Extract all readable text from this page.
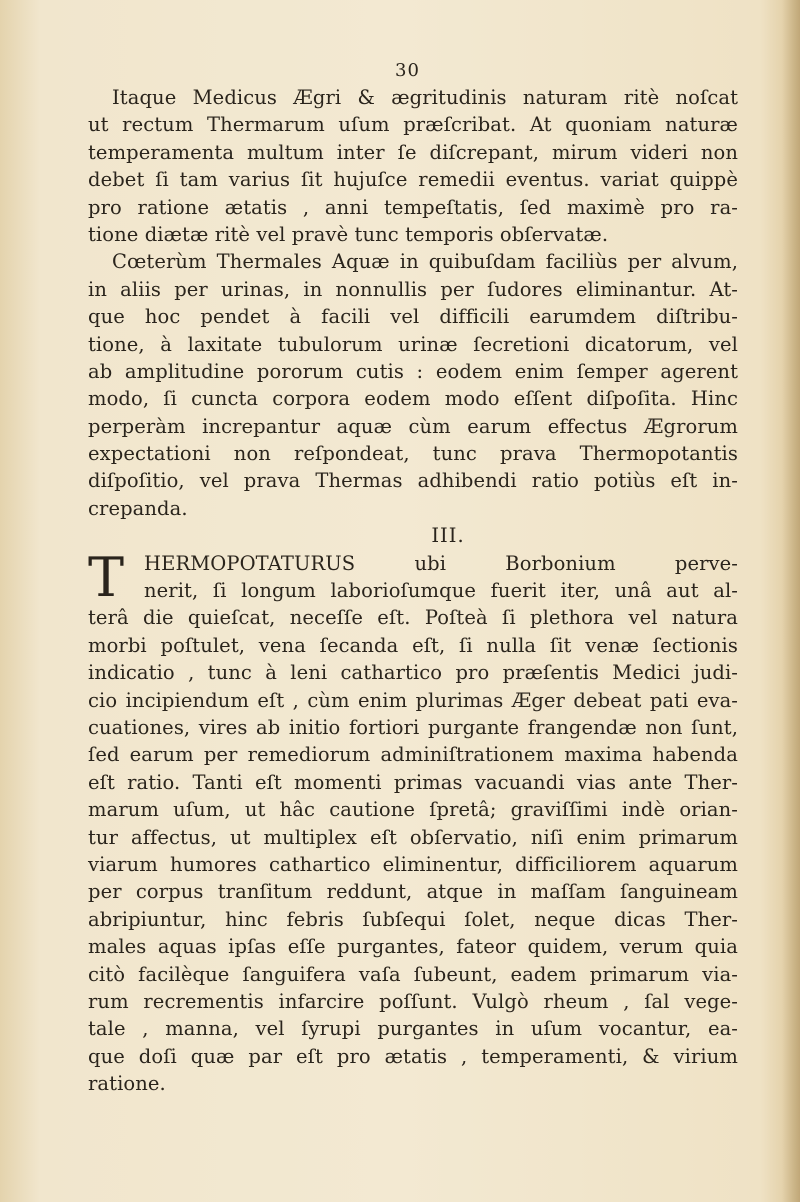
30
Itaque Medicus Ægri & ægritudinis naturam ritè noſcat
ut rectum Thermarum uſum præſcribat. At quoniam naturæ
temperamenta multum inter ſe diſcrepant, mirum videri non
debet ſi tam varius ſit hujuſce remedii eventus. variat quippè
pro ratione ætatis , anni tempeſtatis, ſed maximè pro ra-
tione diætæ ritè vel pravè tunc temporis obſervatæ.
Cœterùm Thermales Aquæ in quibuſdam faciliùs per alvum,
in aliis per urinas, in nonnullis per ſudores eliminantur. At-
que hoc pendet à facili vel difficili earumdem diſtribu-
tione, à laxitate tubulorum urinæ ſecretioni dicatorum, vel
ab amplitudine pororum cutis : eodem enim ſemper agerent
modo, ſi cuncta corpora eodem modo eſſent diſpoſita. Hinc
perperàm increpantur aquæ cùm earum effectus Ægrorum
expectationi non reſpondeat, tunc prava Thermopotantis
diſpoſitio, vel prava Thermas adhibendi ratio potiùs eſt in-
crepanda.
III.
T	HERMOPOTATURUS ubi Borbonium perve-
nerit, ſi longum laborioſumque fuerit iter, unâ aut al-
terâ die quieſcat, neceſſe eſt. Poſteà ſi plethora vel natura
morbi poſtulet, vena ſecanda eſt, ſi nulla ſit venæ ſectionis
indicatio , tunc à leni cathartico pro præſentis Medici judi-
cio incipiendum eſt , cùm enim plurimas Æger debeat pati eva-
cuationes, vires ab initio fortiori purgante frangendæ non ſunt,
ſed earum per remediorum adminiſtrationem maxima habenda
eſt ratio. Tanti eſt momenti primas vacuandi vias ante Ther-
marum uſum, ut hâc cautione ſpretâ; graviſſimi indè orian-
tur affectus, ut multiplex eſt obſervatio, niſi enim primarum
viarum humores cathartico eliminentur, difficiliorem aquarum
per corpus tranſitum reddunt, atque in maſſam ſanguineam
abripiuntur, hinc febris ſubſequi ſolet, neque dicas Ther-
males aquas ipſas eſſe purgantes, fateor quidem, verum quia
citò facilèque ſanguifera vaſa ſubeunt, eadem primarum via-
rum recrementis infarcire poſſunt. Vulgò rheum , ſal vege-
tale , manna, vel ſyrupi purgantes in uſum vocantur, ea-
que doſi quæ par eſt pro ætatis , temperamenti, & virium
ratione.
